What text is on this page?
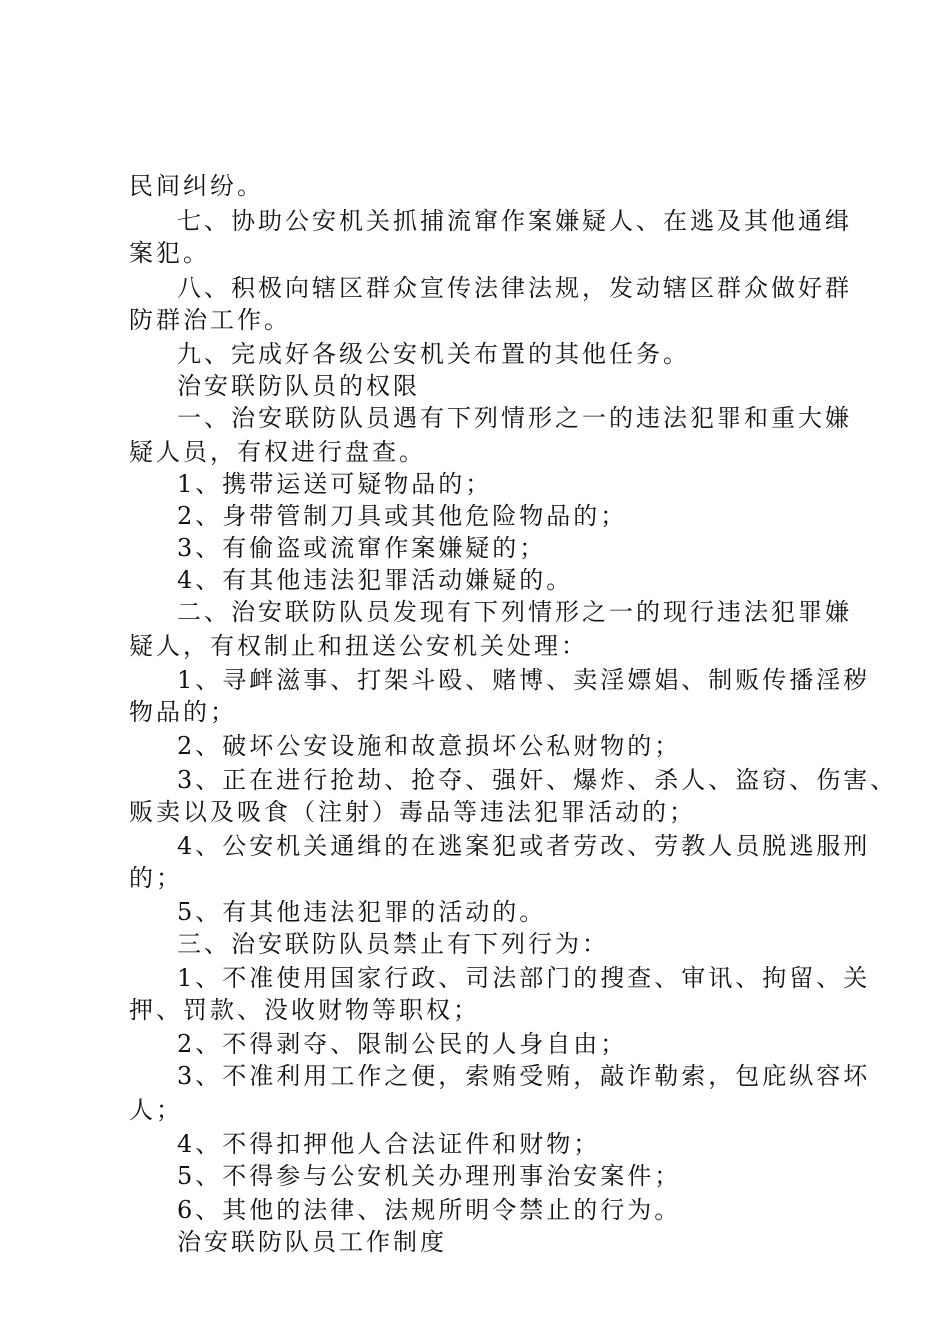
民间纠纷。
七、协助公安机关抓捕流窜作案嫌疑人、在逃及其他通缉
案犯。
八、积极向辖区群众宣传法律法规，发动辖区群众做好群
防群治工作。
九、完成好各级公安机关布置的其他任务。
治安联防队员的权限
一、治安联防队员遇有下列情形之一的违法犯罪和重大嫌
疑人员，有权进行盘查。
1、携带运送可疑物品的；
2、身带管制刀具或其他危险物品的；
3、有偷盗或流窜作案嫌疑的；
4、有其他违法犯罪活动嫌疑的。
二、治安联防队员发现有下列情形之一的现行违法犯罪嫌
疑人，有权制止和扭送公安机关处理：
1、寻衅滋事、打架斗殴、赌博、卖淫嫖娼、制贩传播淫秽
物品的；
2、破坏公安设施和故意损坏公私财物的；
3、正在进行抢劫、抢夺、强奸、爆炸、杀人、盗窃、伤害、
贩卖以及吸食（注射）毒品等违法犯罪活动的；
4、公安机关通缉的在逃案犯或者劳改、劳教人员脱逃服刑
的；
5、有其他违法犯罪的活动的。
三、治安联防队员禁止有下列行为：
1、不准使用国家行政、司法部门的搜查、审讯、拘留、关
押、罚款、没收财物等职权；
2、不得剥夺、限制公民的人身自由；
3、不准利用工作之便，索贿受贿，敲诈勒索，包庇纵容坏
人；
4、不得扣押他人合法证件和财物；
5、不得参与公安机关办理刑事治安案件；
6、其他的法律、法规所明令禁止的行为。
治安联防队员工作制度
